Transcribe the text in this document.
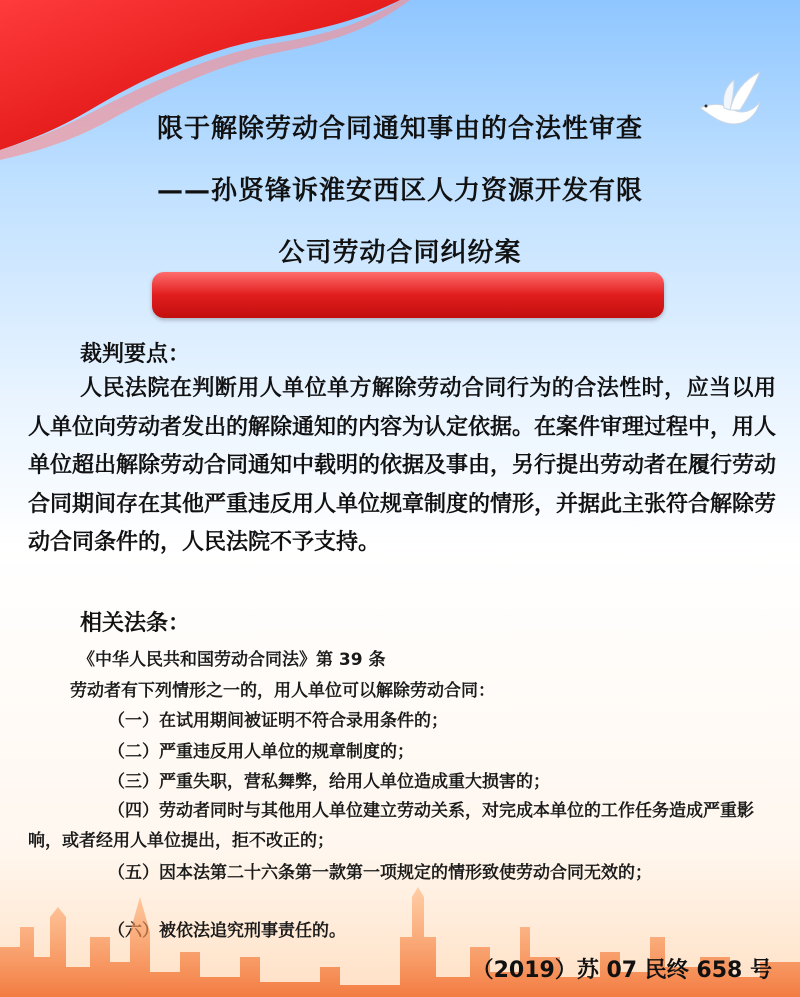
限于解除劳动合同通知事由的合法性审查
——孙贤锋诉淮安西区人力资源开发有限
公司劳动合同纠纷案
裁判要点：
人民法院在判断用人单位单方解除劳动合同行为的合法性时，应当以用人单位向劳动者发出的解除通知的内容为认定依据。在案件审理过程中，用人单位超出解除劳动合同通知中载明的依据及事由，另行提出劳动者在履行劳动合同期间存在其他严重违反用人单位规章制度的情形，并据此主张符合解除劳动合同条件的，人民法院不予支持。
相关法条：
《中华人民共和国劳动合同法》第 39 条
劳动者有下列情形之一的，用人单位可以解除劳动合同：
（一）在试用期间被证明不符合录用条件的；
（二）严重违反用人单位的规章制度的；
（三）严重失职，营私舞弊，给用人单位造成重大损害的；
（四）劳动者同时与其他用人单位建立劳动关系，对完成本单位的工作任务造成严重影响，或者经用人单位提出，拒不改正的；
（五）因本法第二十六条第一款第一项规定的情形致使劳动合同无效的；
（六）被依法追究刑事责任的。
（2019）苏 07 民终 658 号
